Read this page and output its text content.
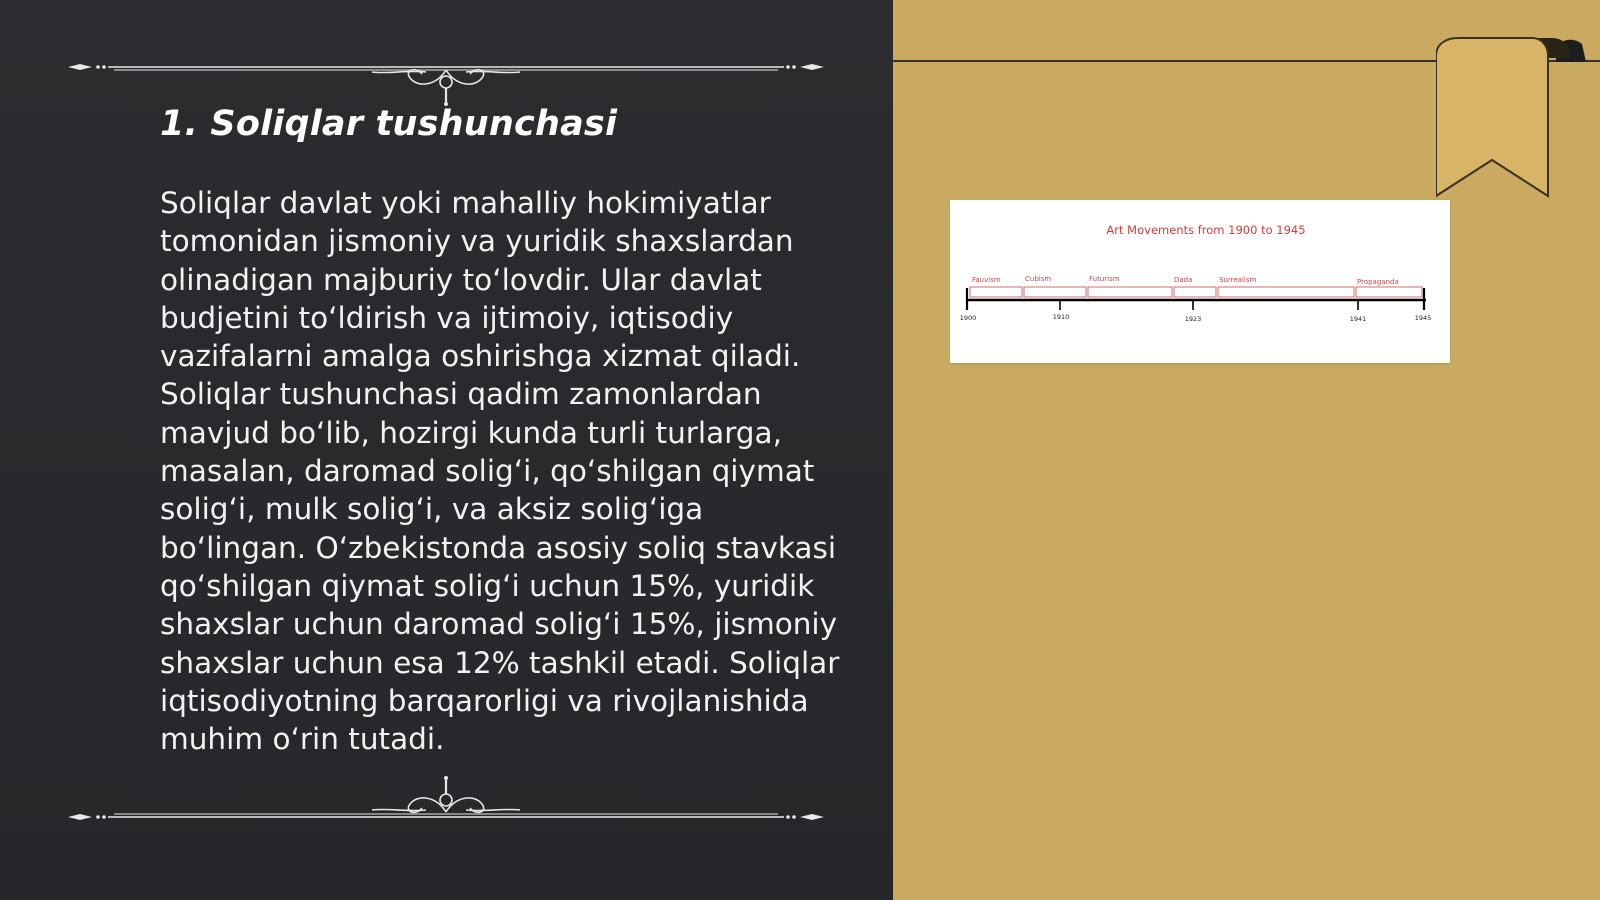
1. Soliqlar tushunchasi

Soliqlar davlat yoki mahalliy hokimiyatlar tomonidan jismoniy va yuridik shaxslardan olinadigan majburiy to‘lovdir. Ular davlat budjetini to‘ldirish va ijtimoiy, iqtisodiy vazifalarni amalga oshirishga xizmat qiladi. Soliqlar tushunchasi qadim zamonlardan mavjud bo‘lib, hozirgi kunda turli turlarga, masalan, daromad solig‘i, qo‘shilgan qiymat solig‘i, mulk solig‘i, va aksiz solig‘iga bo‘lingan. O‘zbekistonda asosiy soliq stavkasi qo‘shilgan qiymat solig‘i uchun 15%, yuridik shaxslar uchun daromad solig‘i 15%, jismoniy shaxslar uchun esa 12% tashkil etadi. Soliqlar iqtisodiyotning barqarorligi va rivojlanishida muhim o‘rin tutadi.

Art Movements from 1900 to 1945
Fauvism	Cubism	Futurism	Dada	Surrealism	Propaganda
1900	1910	1923	1941	1945
